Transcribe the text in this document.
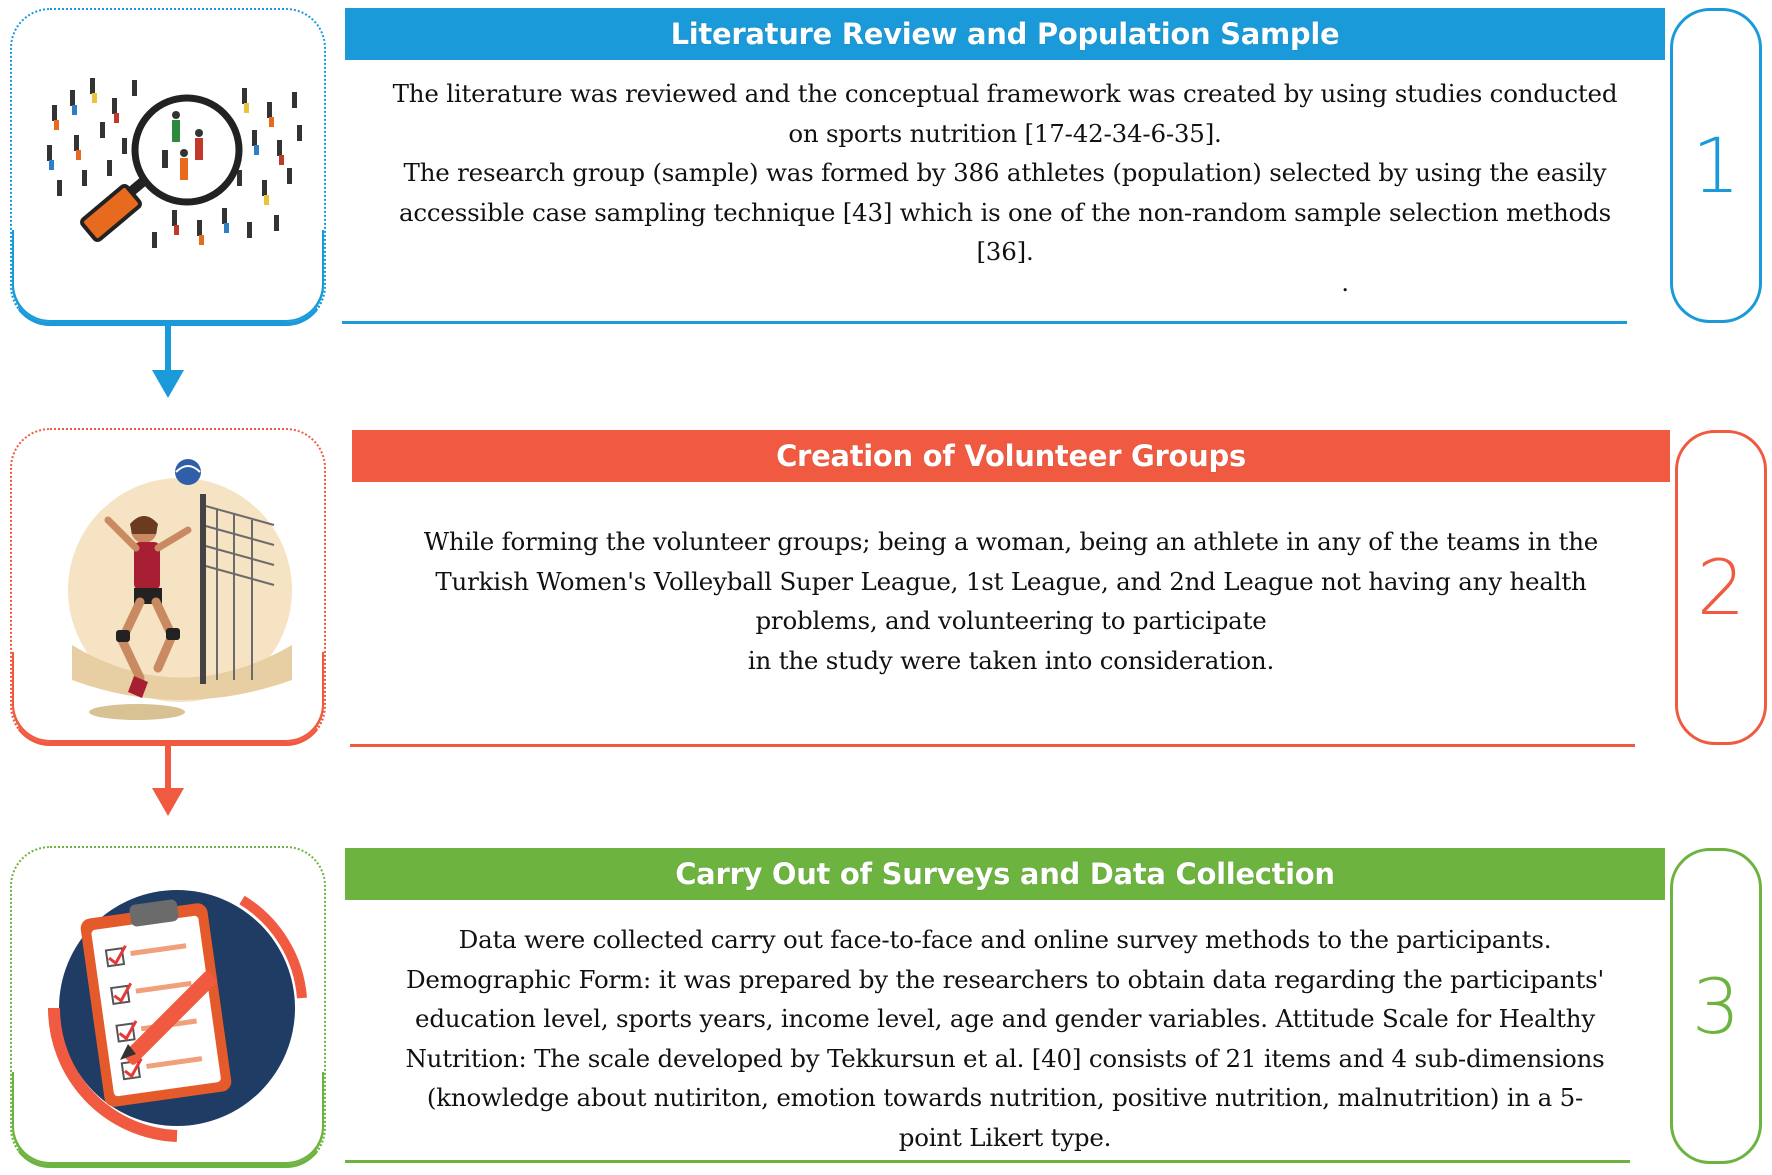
Literature Review and Population Sample
The literature was reviewed and the conceptual framework was created by using studies conducted
on sports nutrition [17-42-34-6-35].
The research group (sample) was formed by 386 athletes (population) selected by using the easily
accessible case sampling technique [43] which is one of the non-random sample selection methods
[36].
.
1
Creation of Volunteer Groups
While forming the volunteer groups; being a woman, being an athlete in any of the teams in the
Turkish Women's Volleyball Super League, 1st League, and 2nd League not having any health
problems, and volunteering to participate
in the study were taken into consideration.
2
Carry Out of Surveys and Data Collection
Data were collected carry out face-to-face and online survey methods to the participants.
Demographic Form: it was prepared by the researchers to obtain data regarding the participants'
education level, sports years, income level, age and gender variables. Attitude Scale for Healthy
Nutrition: The scale developed by Tekkursun et al. [40] consists of 21 items and 4 sub-dimensions
(knowledge about nutiriton, emotion towards nutrition, positive nutrition, malnutrition) in a 5-
point Likert type.
3
